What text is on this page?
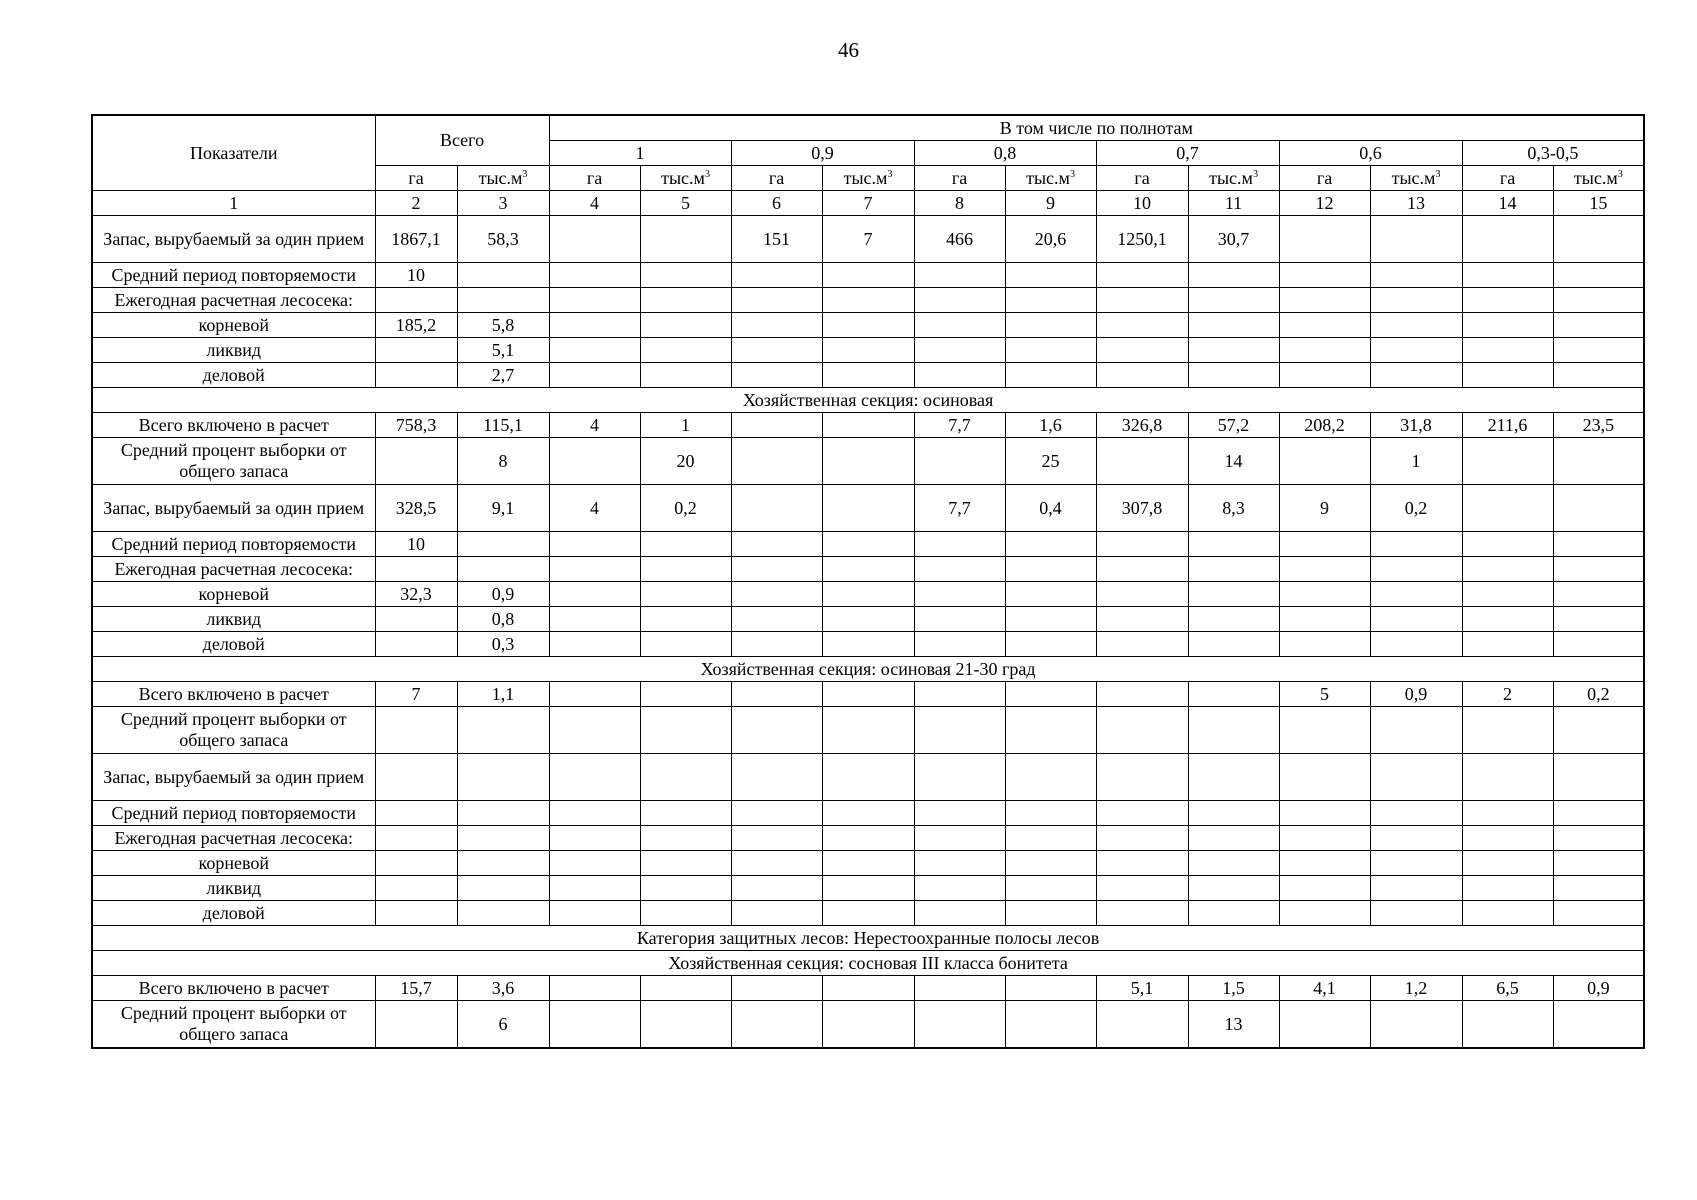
46
Показатели	Всего		В том числе по полнотам											
			1		0,9		0,8		0,7		0,6		0,3-0,5	
	га	$тыс.м^3$	га	$тыс.м^3$	га	$тыс.м^3$	га	$тыс.м^3$	га	$тыс.м^3$	га	$тыс.м^3$	га	$тыс.м^3$
1	2	3	4	5	6	7	8	9	10	11	12	13	14	15
Запас, вырубаемый за один прием	1867,1	58,3			151	7	466	20,6	1250,1	30,7				
Средний период повторяемости	10													
Ежегодная расчетная лесосека:														
корневой	185,2	5,8												
ликвид		5,1												
деловой		2,7												
Хозяйственная секция: осиновая														
Всего включено в расчет	758,3	115,1	4	1			7,7	1,6	326,8	57,2	208,2	31,8	211,6	23,5
Средний процент выборки от общего запаса		8		20				25		14		1		
Запас, вырубаемый за один прием	328,5	9,1	4	0,2			7,7	0,4	307,8	8,3	9	0,2		
Средний период повторяемости	10													
Ежегодная расчетная лесосека:														
корневой	32,3	0,9												
ликвид		0,8												
деловой		0,3												
Хозяйственная секция: осиновая 21-30 град														
Всего включено в расчет	7	1,1									5	0,9	2	0,2
Средний процент выборки от общего запаса														
Запас, вырубаемый за один прием														
Средний период повторяемости														
Ежегодная расчетная лесосека:														
корневой														
ликвид														
деловой														
Категория защитных лесов: Нерестоохранные полосы лесов														
Хозяйственная секция: сосновая III класса бонитета														
Всего включено в расчет	15,7	3,6							5,1	1,5	4,1	1,2	6,5	0,9
Средний процент выборки от общего запаса		6								13				
